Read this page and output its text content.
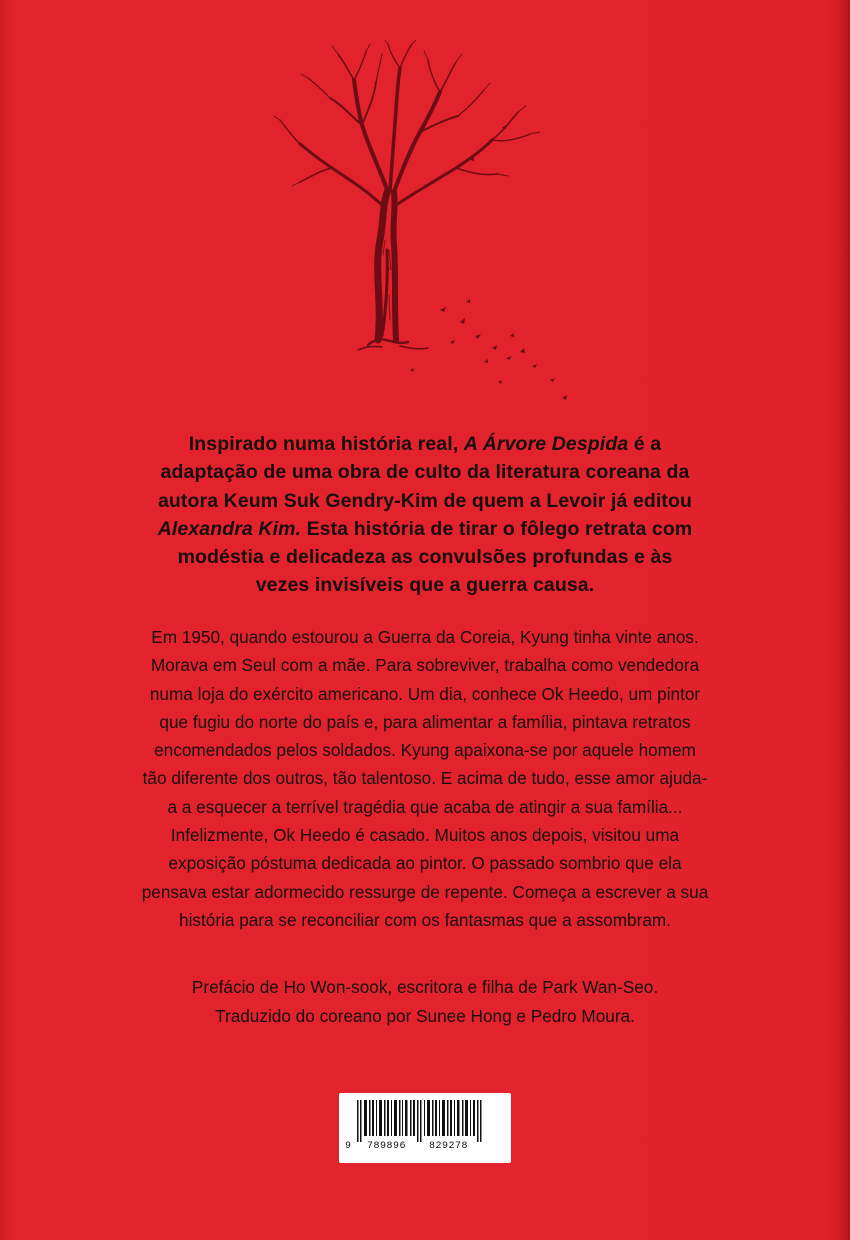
Inspirado numa história real, A Árvore Despida é a adaptação de uma obra de culto da literatura coreana da autora Keum Suk Gendry-Kim de quem a Levoir já editou Alexandra Kim. Esta história de tirar o fôlego retrata com modéstia e delicadeza as convulsões profundas e às vezes invisíveis que a guerra causa.

Em 1950, quando estourou a Guerra da Coreia, Kyung tinha vinte anos. Morava em Seul com a mãe. Para sobreviver, trabalha como vendedora numa loja do exército americano. Um dia, conhece Ok Heedo, um pintor que fugiu do norte do país e, para alimentar a família, pintava retratos encomendados pelos soldados. Kyung apaixona-se por aquele homem tão diferente dos outros, tão talentoso. E acima de tudo, esse amor ajuda-a a esquecer a terrível tragédia que acaba de atingir a sua família... Infelizmente, Ok Heedo é casado. Muitos anos depois, visitou uma exposição póstuma dedicada ao pintor. O passado sombrio que ela pensava estar adormecido ressurge de repente. Começa a escrever a sua história para se reconciliar com os fantasmas que a assombram.

Prefácio de Ho Won-sook, escritora e filha de Park Wan-Seo.
Traduzido do coreano por Sunee Hong e Pedro Moura.
9 789896 829278
